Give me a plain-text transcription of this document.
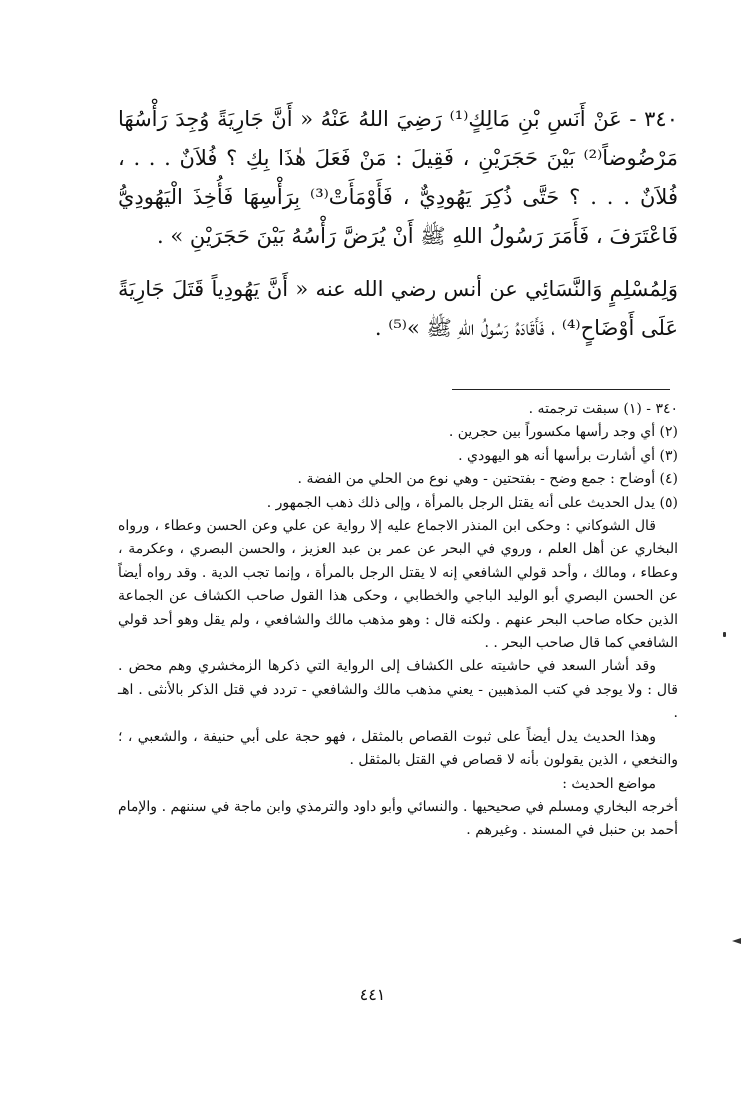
٣٤٠ - عَنْ أَنَسِ بْنِ مَالِكٍ⁽¹⁾ رَضِيَ اللهُ عَنْهُ « أَنَّ جَارِيَةً وُجِدَ رَأْسُهَا مَرْضُوضاً⁽²⁾ بَيْنَ حَجَرَيْنِ ، فَقِيلَ : مَنْ فَعَلَ هٰذَا بِكِ ؟ فُلاَنٌ . . . ، فُلاَنٌ . . . ؟ حَتَّى ذُكِرَ يَهُودِيٌّ ، فَأَوْمَأَتْ⁽³⁾ بِرَأْسِهَا فَأُخِذَ الْيَهُودِيُّ فَاعْتَرَفَ ، فَأَمَرَ رَسُولُ اللهِ ﷺ أَنْ يُرَضَّ رَأْسُهُ بَيْنَ حَجَرَيْنِ » .

وَلِمُسْلِمٍ وَالنَّسَائِي عن أنس رضي الله عنه « أَنَّ يَهُودِياً قَتَلَ جَارِيَةً عَلَى أَوْضَاحٍ⁽⁴⁾ ، فَأَقَادَهُ رَسُولُ اللهِ ﷺ »⁽⁵⁾ .

٣٤٠ - (١) سبقت ترجمته .

(٢) أي وجد رأسها مكسوراً بين حجرين .

(٣) أي أشارت برأسها أنه هو اليهودي .

(٤) أوضاح : جمع وضح - بفتحتين - وهي نوع من الحلي من الفضة .

(٥) يدل الحديث على أنه يقتل الرجل بالمرأة ، وإلى ذلك ذهب الجمهور .

قال الشوكاني : وحكى ابن المنذر الاجماع عليه إلا رواية عن علي وعن الحسن وعطاء ، ورواه البخاري عن أهل العلم ، وروي في البحر عن عمر بن عبد العزيز ، والحسن البصري ، وعكرمة ، وعطاء ، ومالك ، وأحد قولي الشافعي إنه لا يقتل الرجل بالمرأة ، وإنما تجب الدية . وقد رواه أيضاً عن الحسن البصري أبو الوليد الباجي والخطابي ، وحكى هذا القول صاحب الكشاف عن الجماعة الذين حكاه صاحب البحر عنهم . ولكنه قال : وهو مذهب مالك والشافعي ، ولم يقل وهو أحد قولي الشافعي كما قال صاحب البحر . .

وقد أشار السعد في حاشيته على الكشاف إلى الرواية التي ذكرها الزمخشري وهم محض . قال : ولا يوجد في كتب المذهبين - يعني مذهب مالك والشافعي - تردد في قتل الذكر بالأنثى . اهـ .

وهذا الحديث يدل أيضاً على ثبوت القصاص بالمثقل ، فهو حجة على أبي حنيفة ، والشعبي ، ؛ والنخعي ، الذين يقولون بأنه لا قصاص في القتل بالمثقل .

مواضع الحديث :

أخرجه البخاري ومسلم في صحيحيها . والنسائي وأبو داود والترمذي وابن ماجة في سننهم . والإمام أحمد بن حنبل في المسند . وغيرهم .

٤٤١
